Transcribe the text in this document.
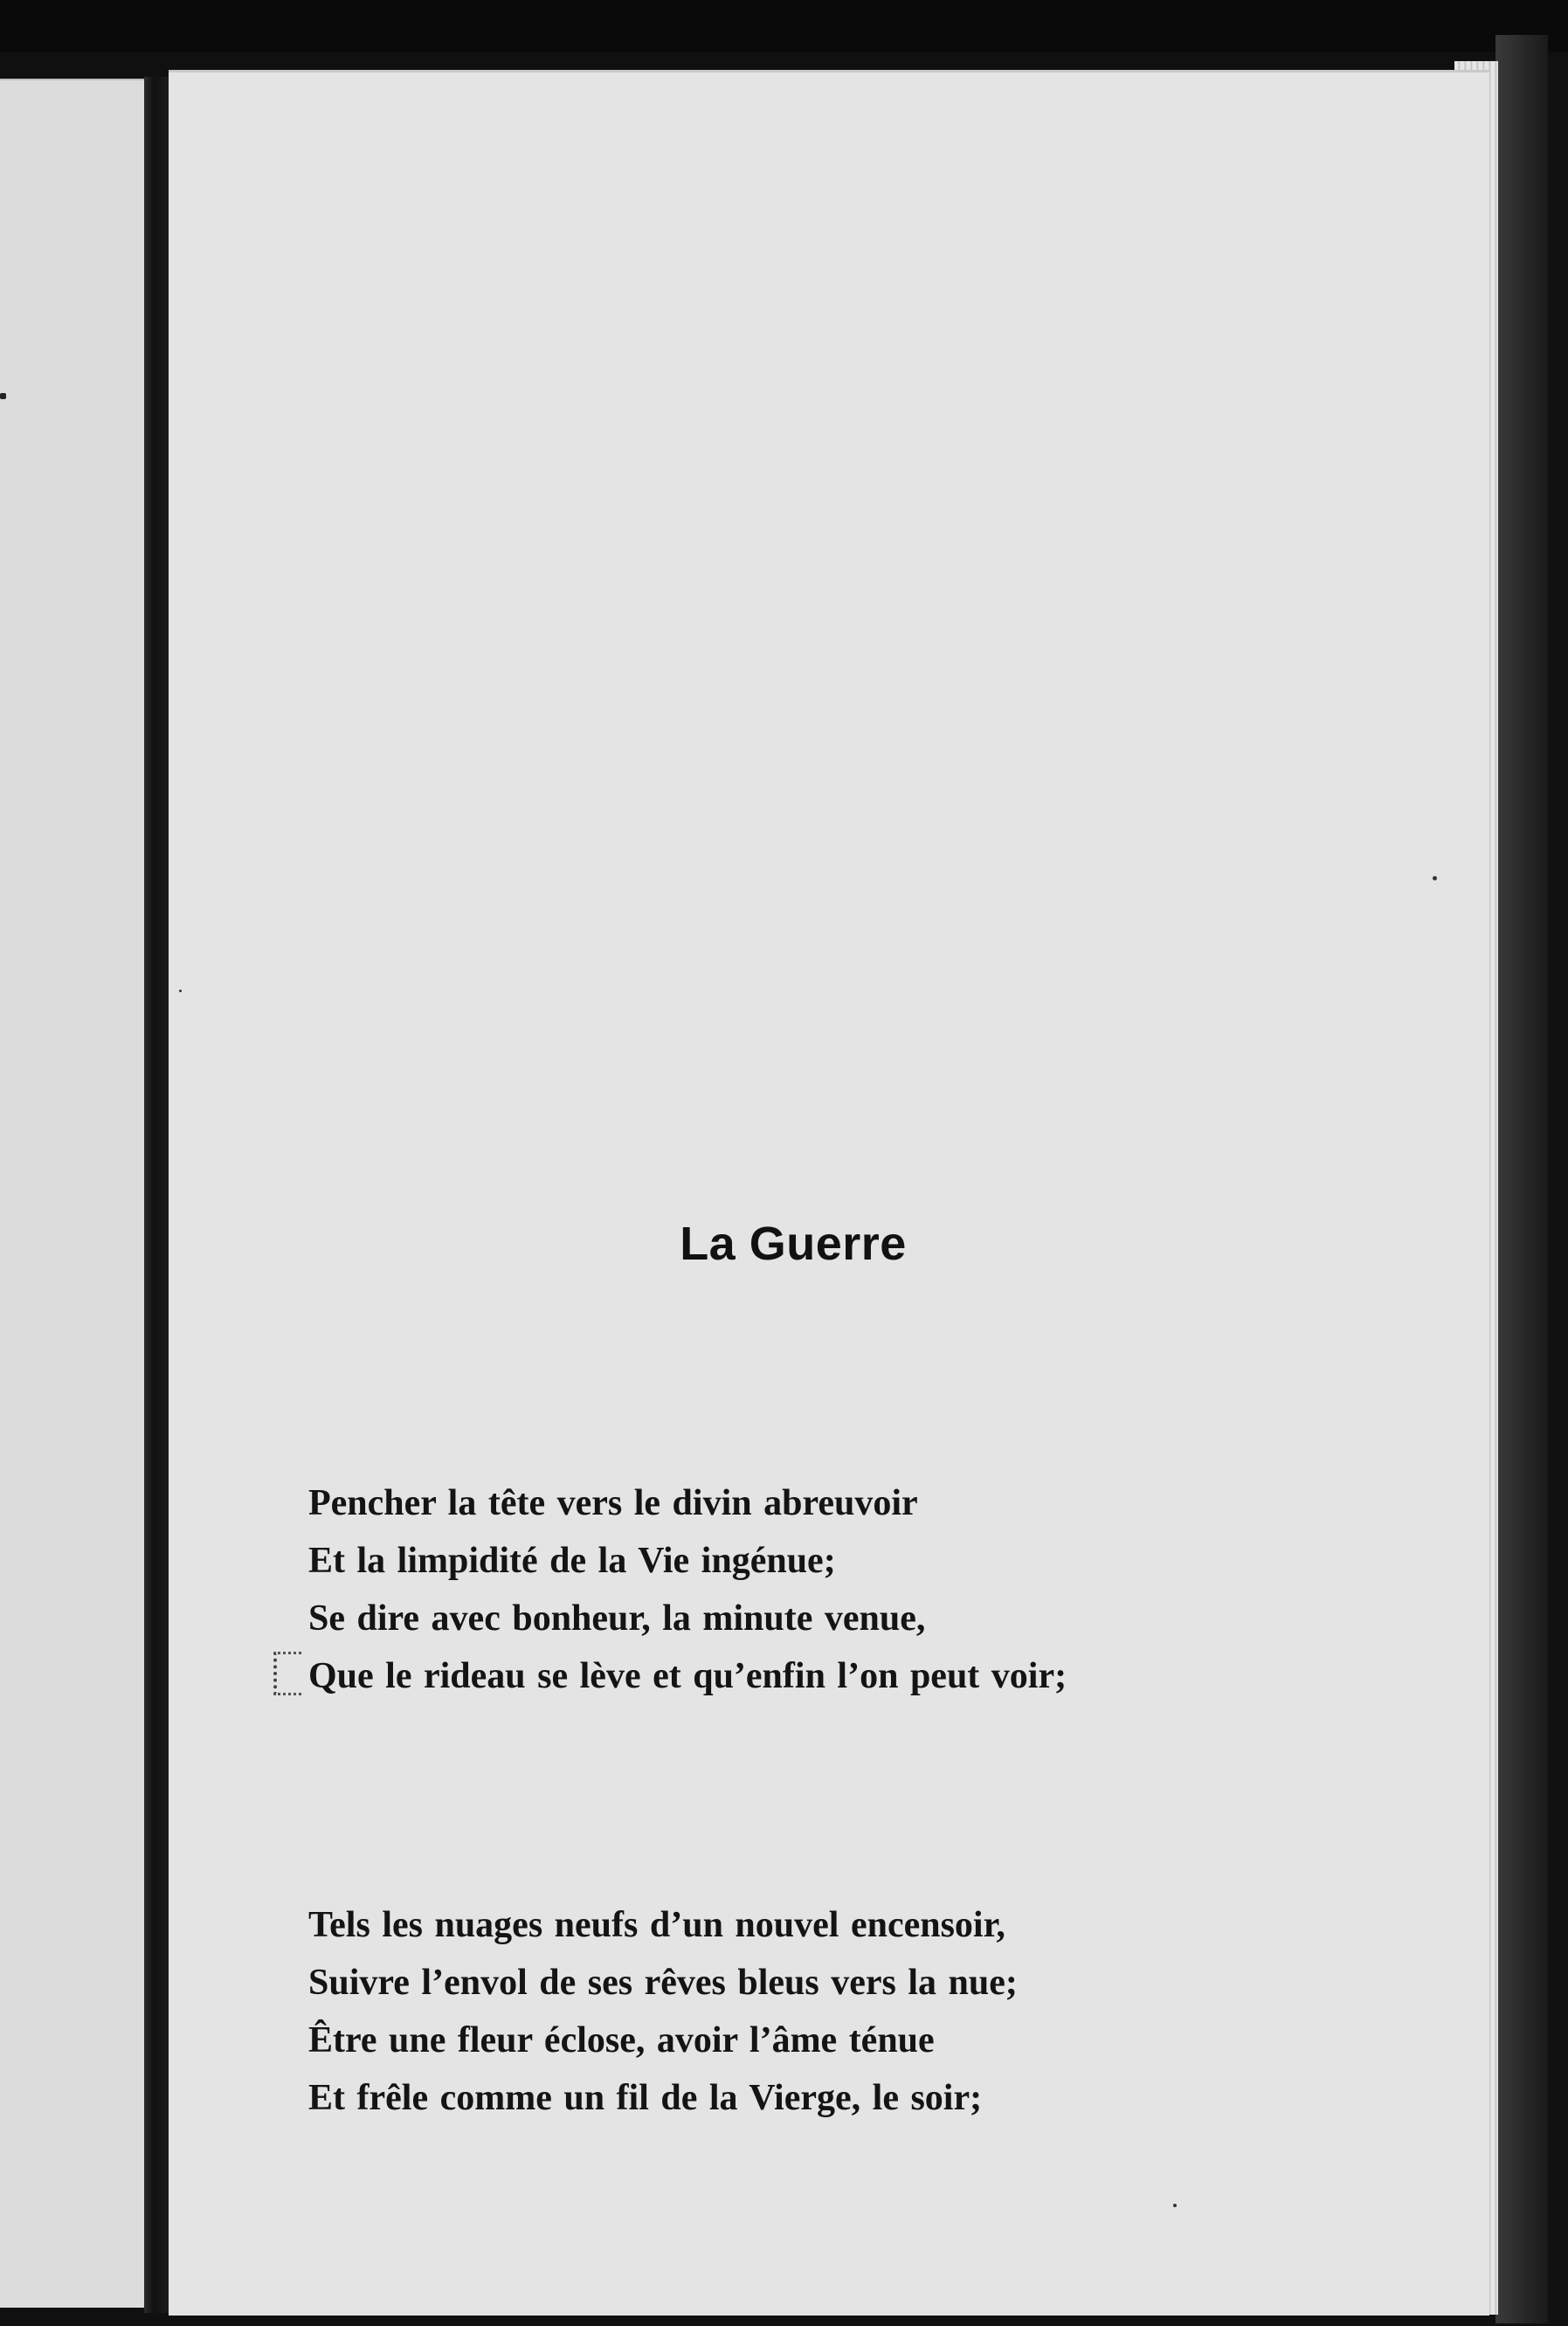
La Guerre
Pencher la tête vers le divin abreuvoir
Et la limpidité de la Vie ingénue;
Se dire avec bonheur, la minute venue,
Que le rideau se lève et qu’enfin l’on peut voir;
Tels les nuages neufs d’un nouvel encensoir,
Suivre l’envol de ses rêves bleus vers la nue;
Être une fleur éclose, avoir l’âme ténue
Et frêle comme un fil de la Vierge, le soir;
